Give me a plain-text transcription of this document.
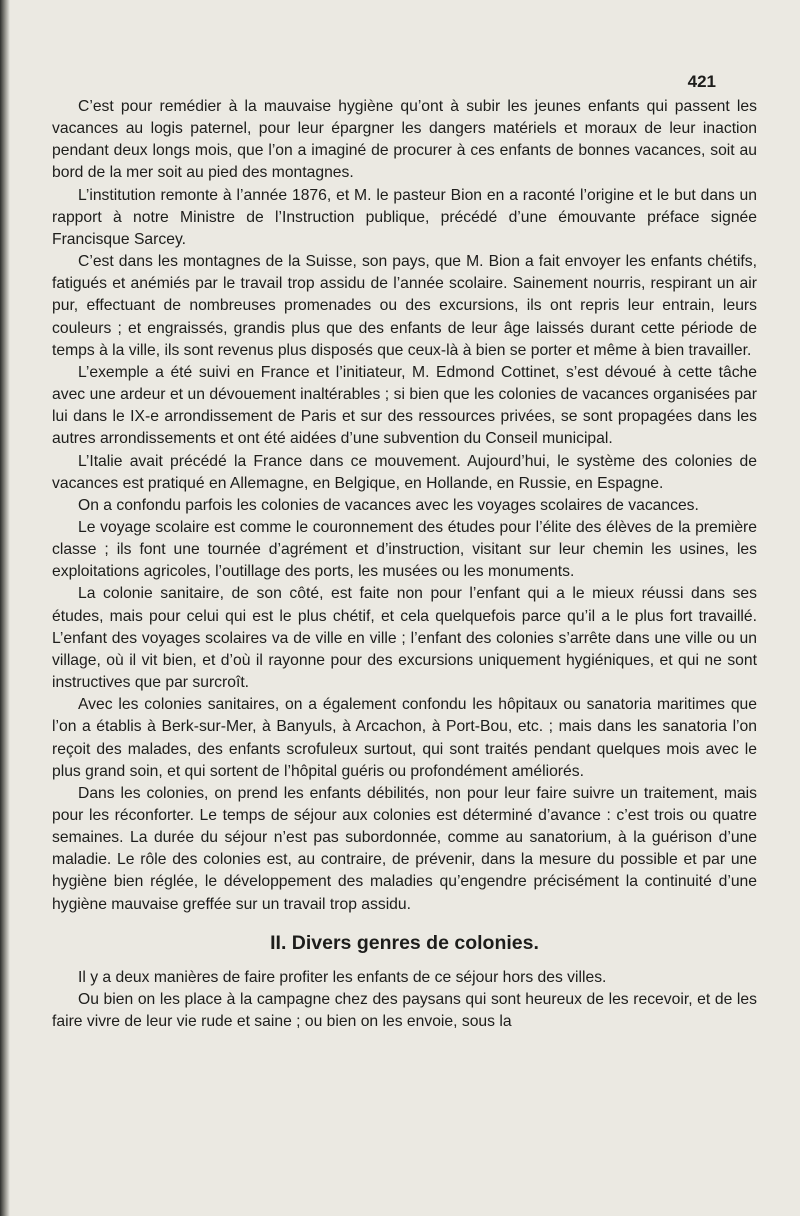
421

C’est pour remédier à la mauvaise hygiène qu’ont à subir les jeunes enfants qui passent les vacances au logis paternel, pour leur épargner les dangers matériels et moraux de leur inaction pendant deux longs mois, que l’on a imaginé de procurer à ces enfants de bonnes vacances, soit au bord de la mer soit au pied des montagnes.

L’institution remonte à l’année 1876, et M. le pasteur Bion en a raconté l’origine et le but dans un rapport à notre Ministre de l’Instruction publique, précédé d’une émouvante préface signée Francisque Sarcey.

C’est dans les montagnes de la Suisse, son pays, que M. Bion a fait envoyer les enfants chétifs, fatigués et anémiés par le travail trop assidu de l’année scolaire. Sainement nourris, respirant un air pur, effectuant de nombreuses promenades ou des excursions, ils ont repris leur entrain, leurs couleurs ; et engraissés, grandis plus que des enfants de leur âge laissés durant cette période de temps à la ville, ils sont revenus plus disposés que ceux-là à bien se porter et même à bien travailler.

L’exemple a été suivi en France et l’initiateur, M. Edmond Cottinet, s’est dévoué à cette tâche avec une ardeur et un dévouement inaltérables ; si bien que les colonies de vacances organisées par lui dans le IX-e arrondissement de Paris et sur des ressources privées, se sont propagées dans les autres arrondissements et ont été aidées d’une subvention du Conseil municipal.

L’Italie avait précédé la France dans ce mouvement. Aujourd’hui, le système des colonies de vacances est pratiqué en Allemagne, en Belgique, en Hollande, en Russie, en Espagne.

On a confondu parfois les colonies de vacances avec les voyages scolaires de vacances.

Le voyage scolaire est comme le couronnement des études pour l’élite des élèves de la première classe ; ils font une tournée d’agrément et d’instruction, visitant sur leur chemin les usines, les exploitations agricoles, l’outillage des ports, les musées ou les monuments.

La colonie sanitaire, de son côté, est faite non pour l’enfant qui a le mieux réussi dans ses études, mais pour celui qui est le plus chétif, et cela quelquefois parce qu’il a le plus fort travaillé. L’enfant des voyages scolaires va de ville en ville ; l’enfant des colonies s’arrête dans une ville ou un village, où il vit bien, et d’où il rayonne pour des excursions uniquement hygiéniques, et qui ne sont instructives que par surcroît.

Avec les colonies sanitaires, on a également confondu les hôpitaux ou sanatoria maritimes que l’on a établis à Berk-sur-Mer, à Banyuls, à Arcachon, à Port-Bou, etc. ; mais dans les sanatoria l’on reçoit des malades, des enfants scrofuleux surtout, qui sont traités pendant quelques mois avec le plus grand soin, et qui sortent de l’hôpital guéris ou profondément améliorés.

Dans les colonies, on prend les enfants débilités, non pour leur faire suivre un traitement, mais pour les réconforter. Le temps de séjour aux colonies est déterminé d’avance : c’est trois ou quatre semaines. La durée du séjour n’est pas subordonnée, comme au sanatorium, à la guérison d’une maladie. Le rôle des colonies est, au contraire, de prévenir, dans la mesure du possible et par une hygiène bien réglée, le développement des maladies qu’engendre précisément la continuité d’une hygiène mauvaise greffée sur un travail trop assidu.

II. Divers genres de colonies.

Il y a deux manières de faire profiter les enfants de ce séjour hors des villes.

Ou bien on les place à la campagne chez des paysans qui sont heureux de les recevoir, et de les faire vivre de leur vie rude et saine ; ou bien on les envoie, sous la
